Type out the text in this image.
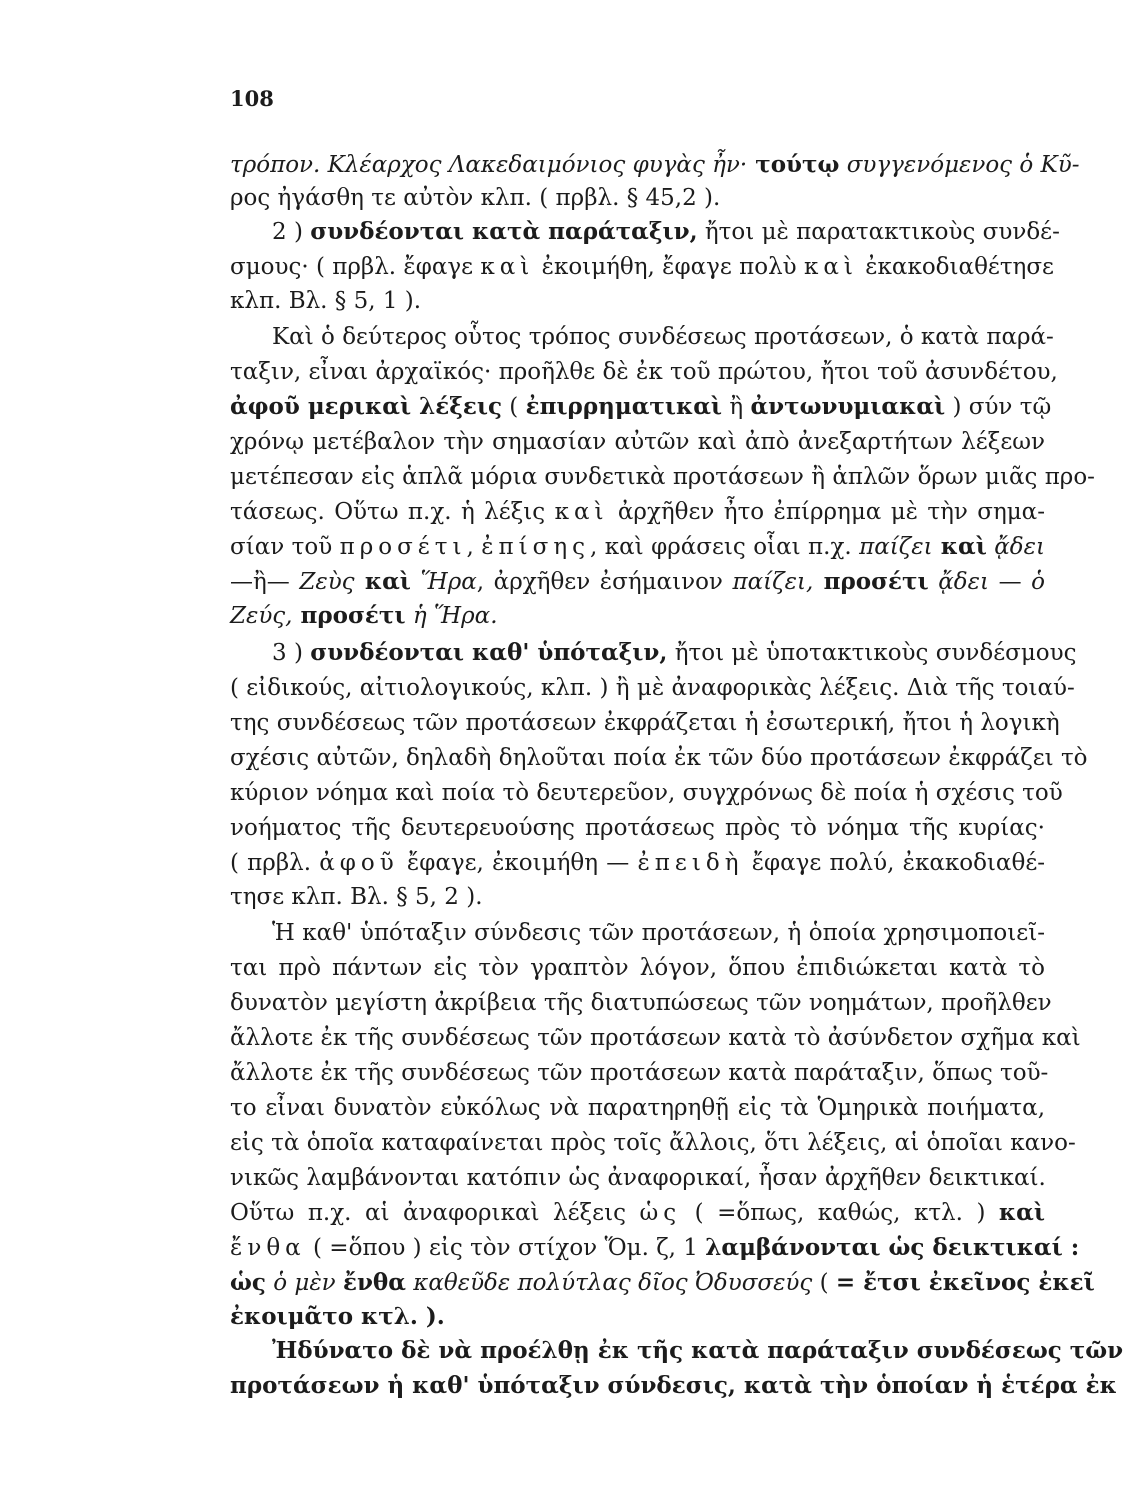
108
τρόπον. Κλέαρχος Λακεδαιμόνιος φυγὰς ἦν· τούτῳ συγγενόμενος ὁ Κῦ-
ρος ἠγάσθη τε αὐτὸν κλπ. ( πρβλ. § 45,2 ).
2 ) συνδέονται κατὰ παράταξιν, ἤτοι μὲ παρατακτικοὺς συνδέ-
σμους· ( πρβλ. ἔφαγε καὶ ἐκοιμήθη, ἔφαγε πολὺ καὶ ἐκακοδιαθέτησε
κλπ. Βλ. § 5, 1 ).
Καὶ ὁ δεύτερος οὗτος τρόπος συνδέσεως προτάσεων, ὁ κατὰ παρά-
ταξιν, εἶναι ἀρχαϊκός· προῆλθε δὲ ἐκ τοῦ πρώτου, ἤτοι τοῦ ἀσυνδέτου,
ἀφοῦ μερικαὶ λέξεις ( ἐπιρρηματικαὶ ἢ ἀντωνυμιακαὶ ) σύν τῷ
χρόνῳ μετέβαλον τὴν σημασίαν αὐτῶν καὶ ἀπὸ ἀνεξαρτήτων λέξεων
μετέπεσαν εἰς ἁπλᾶ μόρια συνδετικὰ προτάσεων ἢ ἁπλῶν ὅρων μιᾶς προ-
τάσεως. Οὕτω π.χ. ἡ λέξις καὶ ἀρχῆθεν ἦτο ἐπίρρημα μὲ τὴν σημα-
σίαν τοῦ προσέτι, ἐπίσης, καὶ φράσεις οἷαι π.χ. παίζει καὶ ᾄδει
—ἢ— Ζεὺς καὶ Ἥρα, ἀρχῆθεν ἐσήμαινον παίζει, προσέτι ᾄδει — ὁ
Ζεύς, προσέτι ἡ Ἥρα.
3 ) συνδέονται καθ' ὑπόταξιν, ἤτοι μὲ ὑποτακτικοὺς συνδέσμους
( εἰδικούς, αἰτιολογικούς, κλπ. ) ἢ μὲ ἀναφορικὰς λέξεις. Διὰ τῆς τοιαύ-
της συνδέσεως τῶν προτάσεων ἐκφράζεται ἡ ἐσωτερική, ἤτοι ἡ λογικὴ
σχέσις αὐτῶν, δηλαδὴ δηλοῦται ποία ἐκ τῶν δύο προτάσεων ἐκφράζει τὸ
κύριον νόημα καὶ ποία τὸ δευτερεῦον, συγχρόνως δὲ ποία ἡ σχέσις τοῦ
νοήματος τῆς δευτερευούσης προτάσεως πρὸς τὸ νόημα τῆς κυρίας·
( πρβλ. ἀφοῦ ἔφαγε, ἐκοιμήθη — ἐπειδὴ ἔφαγε πολύ, ἐκακοδιαθέ-
τησε κλπ. Βλ. § 5, 2 ).
Ἡ καθ' ὑπόταξιν σύνδεσις τῶν προτάσεων, ἡ ὁποία χρησιμοποιεῖ-
ται πρὸ πάντων εἰς τὸν γραπτὸν λόγον, ὅπου ἐπιδιώκεται κατὰ τὸ
δυνατὸν μεγίστη ἀκρίβεια τῆς διατυπώσεως τῶν νοημάτων, προῆλθεν
ἄλλοτε ἐκ τῆς συνδέσεως τῶν προτάσεων κατὰ τὸ ἀσύνδετον σχῆμα καὶ
ἄλλοτε ἐκ τῆς συνδέσεως τῶν προτάσεων κατὰ παράταξιν, ὅπως τοῦ-
το εἶναι δυνατὸν εὐκόλως νὰ παρατηρηθῇ εἰς τὰ Ὁμηρικὰ ποιήματα,
εἰς τὰ ὁποῖα καταφαίνεται πρὸς τοῖς ἄλλοις, ὅτι λέξεις, αἱ ὁποῖαι κανο-
νικῶς λαμβάνονται κατόπιν ὡς ἀναφορικαί, ἦσαν ἀρχῆθεν δεικτικαί.
Οὕτω π.χ. αἱ ἀναφορικαὶ λέξεις ὡς ( =ὅπως, καθώς, κτλ. ) καὶ
ἔνθα ( =ὅπου ) εἰς τὸν στίχον Ὅμ. ζ, 1 λαμβάνονται ὡς δεικτικαί :
ὡς ὁ μὲν ἔνθα καθεῦδε πολύτλας δῖος Ὀδυσσεύς ( = ἔτσι ἐκεῖνος ἐκεῖ
ἐκοιμᾶτο κτλ. ).
Ἠδύνατο δὲ νὰ προέλθῃ ἐκ τῆς κατὰ παράταξιν συνδέσεως τῶν
προτάσεων ἡ καθ' ὑπόταξιν σύνδεσις, κατὰ τὴν ὁποίαν ἡ ἑτέρα ἐκ
